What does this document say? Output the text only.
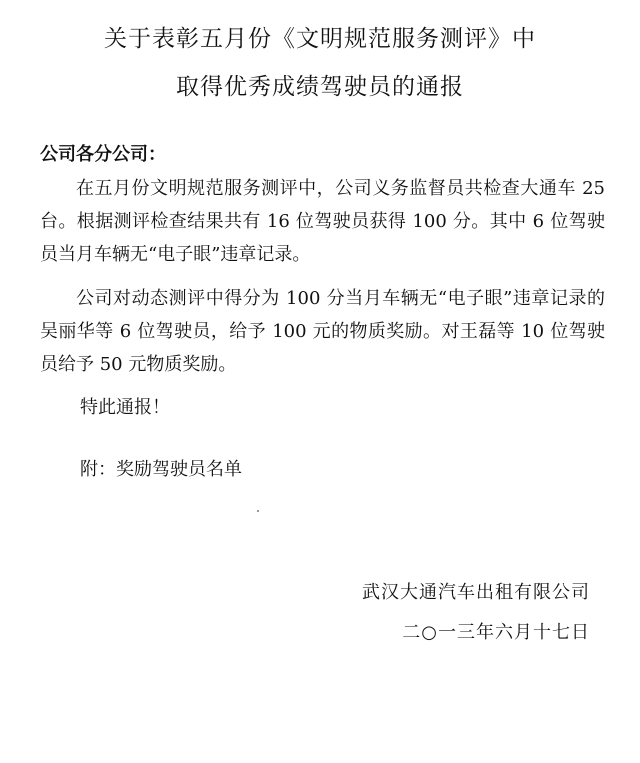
关于表彰五月份《文明规范服务测评》中
取得优秀成绩驾驶员的通报
公司各分公司：
在五月份文明规范服务测评中，公司义务监督员共检查大通车 25 台。根据测评检查结果共有 16 位驾驶员获得 100 分。其中 6 位驾驶员当月车辆无“电子眼”违章记录。
公司对动态测评中得分为 100 分当月车辆无“电子眼”违章记录的吴丽华等 6 位驾驶员，给予 100 元的物质奖励。对王磊等 10 位驾驶员给予 50 元物质奖励。
特此通报！
附：奖励驾驶员名单
武汉大通汽车出租有限公司
二○一三年六月十七日
